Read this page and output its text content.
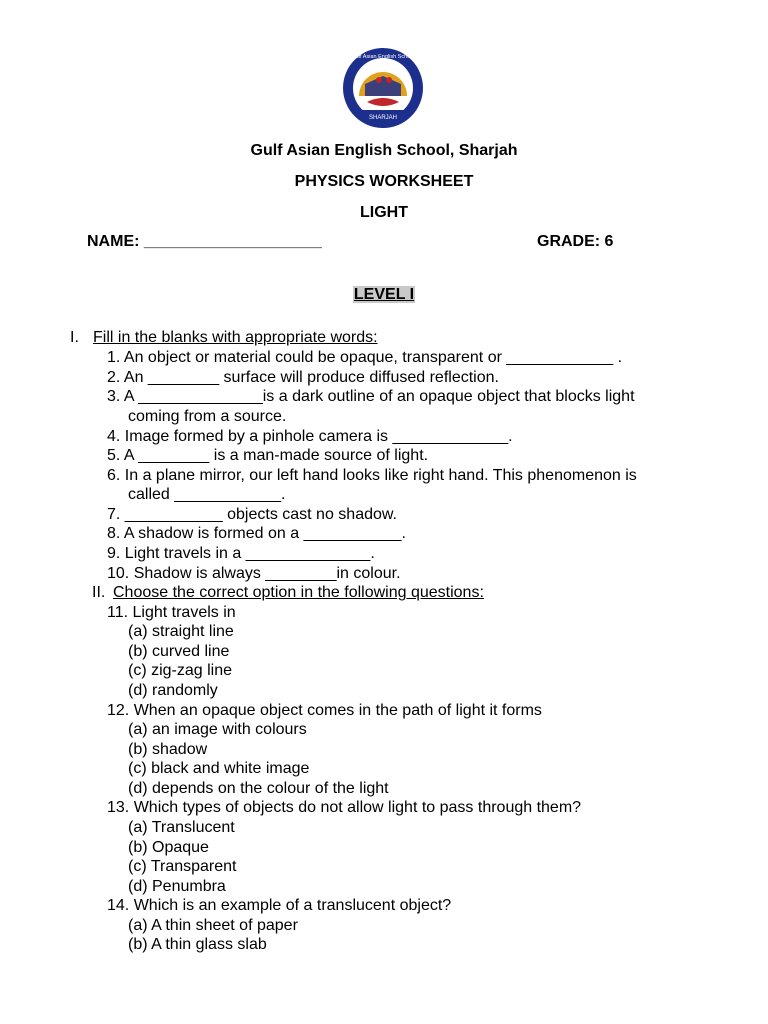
SHARJAH
Gulf Asian English School
Gulf Asian English School, Sharjah
PHYSICS WORKSHEET
LIGHT
NAME: ____________________	GRADE: 6
LEVEL I
I. Fill in the blanks with appropriate words:
1. An object or material could be opaque, transparent or ____________ .
2. An ________ surface will produce diffused reflection.
3. A ______________is a dark outline of an opaque object that blocks light
coming from a source.
4. Image formed by a pinhole camera is _____________.
5. A ________ is a man-made source of light.
6. In a plane mirror, our left hand looks like right hand. This phenomenon is
called ____________.
7. ___________ objects cast no shadow.
8. A shadow is formed on a ___________.
9. Light travels in a ______________.
10. Shadow is always ________in colour.
II. Choose the correct option in the following questions:
11. Light travels in
(a) straight line
(b) curved line
(c) zig-zag line
(d) randomly
12. When an opaque object comes in the path of light it forms
(a) an image with colours
(b) shadow
(c) black and white image
(d) depends on the colour of the light
13. Which types of objects do not allow light to pass through them?
(a) Translucent
(b) Opaque
(c) Transparent
(d) Penumbra
14. Which is an example of a translucent object?
(a) A thin sheet of paper
(b) A thin glass slab
